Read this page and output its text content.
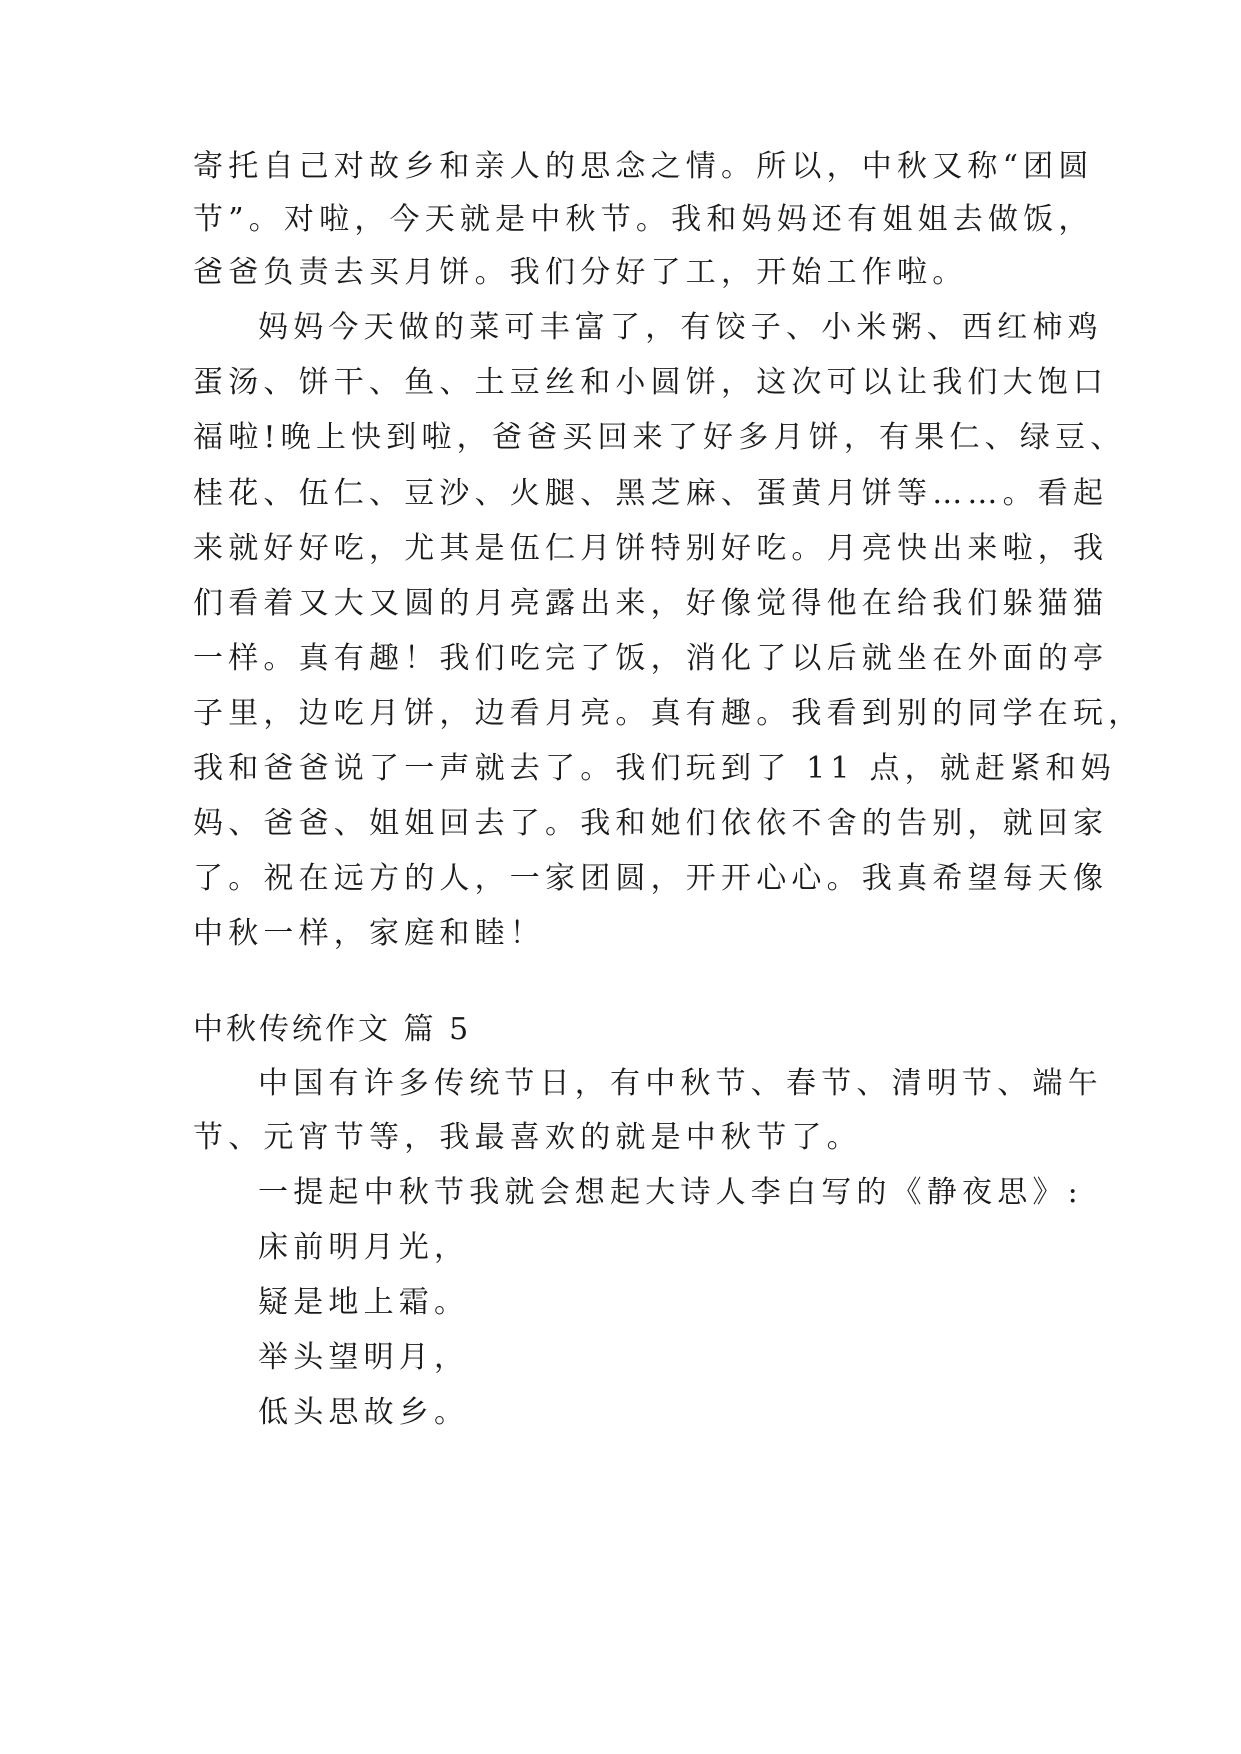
寄托自己对故乡和亲人的思念之情。所以，中秋又称“团圆
节”。对啦，今天就是中秋节。我和妈妈还有姐姐去做饭，
爸爸负责去买月饼。我们分好了工，开始工作啦。
妈妈今天做的菜可丰富了，有饺子、小米粥、西红柿鸡
蛋汤、饼干、鱼、土豆丝和小圆饼，这次可以让我们大饱口
福啦!晚上快到啦，爸爸买回来了好多月饼，有果仁、绿豆、
桂花、伍仁、豆沙、火腿、黑芝麻、蛋黄月饼等……。看起
来就好好吃，尤其是伍仁月饼特别好吃。月亮快出来啦，我
们看着又大又圆的月亮露出来，好像觉得他在给我们躲猫猫
一样。真有趣！我们吃完了饭，消化了以后就坐在外面的亭
子里，边吃月饼，边看月亮。真有趣。我看到别的同学在玩，
我和爸爸说了一声就去了。我们玩到了 11 点，就赶紧和妈
妈、爸爸、姐姐回去了。我和她们依依不舍的告别，就回家
了。祝在远方的人，一家团圆，开开心心。我真希望每天像
中秋一样，家庭和睦！
中秋传统作文 篇 5
中国有许多传统节日，有中秋节、春节、清明节、端午
节、元宵节等，我最喜欢的就是中秋节了。
一提起中秋节我就会想起大诗人李白写的《静夜思》:
床前明月光，
疑是地上霜。
举头望明月，
低头思故乡。
